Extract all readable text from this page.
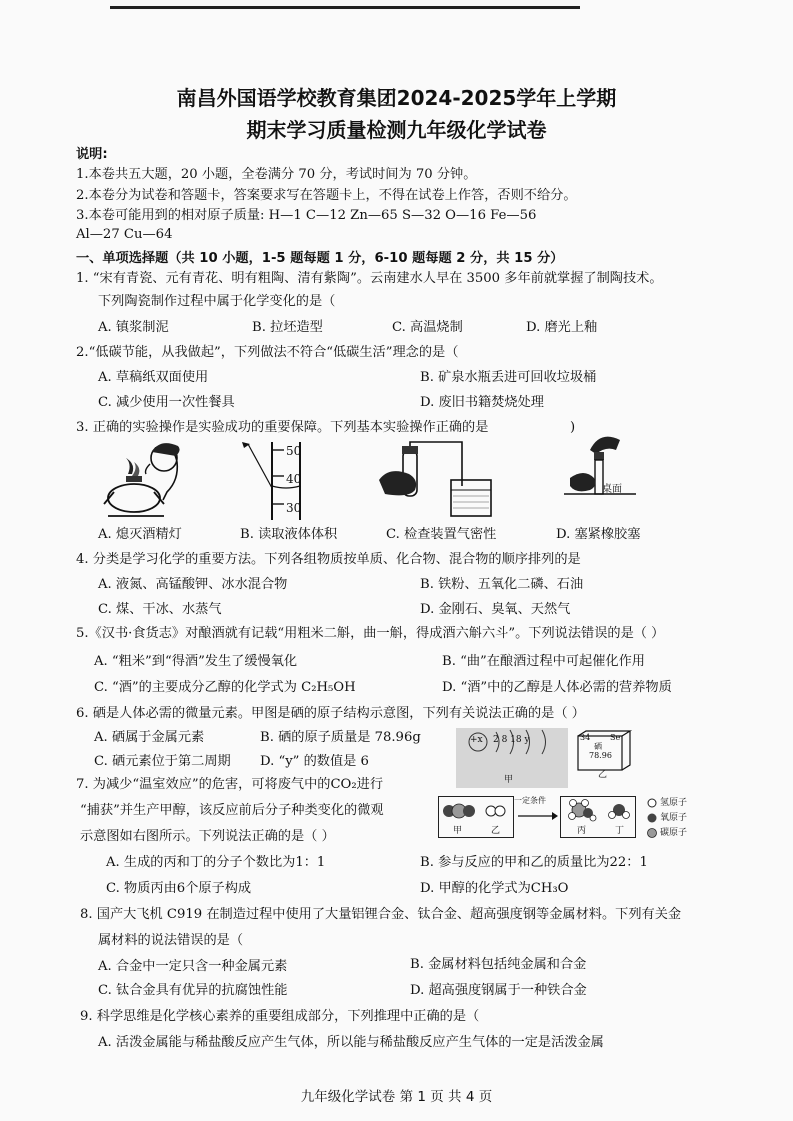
南昌外国语学校教育集团2024-2025学年上学期
期末学习质量检测九年级化学试卷
说明:
1.本卷共五大题，20 小题，全卷满分 70 分，考试时间为 70 分钟。
2.本卷分为试卷和答题卡，答案要求写在答题卡上，不得在试卷上作答，否则不给分。
3.本卷可能用到的相对原子质量: H—1 C—12 Zn—65 S—32 O—16 Fe—56
Al—27 Cu—64
一、单项选择题（共 10 小题，1-5 题每题 1 分，6-10 题每题 2 分，共 15 分）
1. “宋有青瓷、元有青花、明有粗陶、清有紫陶”。云南建水人早在 3500 多年前就掌握了制陶技术。
下列陶瓷制作过程中属于化学变化的是（
A. 镇浆制泥	B. 拉坯造型	C. 高温烧制	D. 磨光上釉
2.“低碳节能，从我做起”，下列做法不符合“低碳生活”理念的是（
A. 草稿纸双面使用	B. 矿泉水瓶丢进可回收垃圾桶
C. 减少使用一次性餐具	D. 废旧书籍焚烧处理
3. 正确的实验操作是实验成功的重要保障。下列基本实验操作正确的是	)
50
40
30
桌面
A. 熄灭酒精灯	B. 读取液体体积	C. 检查装置气密性	D. 塞紧橡胶塞
4. 分类是学习化学的重要方法。下列各组物质按单质、化合物、混合物的顺序排列的是
A. 液氮、高锰酸钾、冰水混合物	B. 铁粉、五氧化二磷、石油
C. 煤、干冰、水蒸气	D. 金刚石、臭氧、天然气
5.《汉书·食货志》对酿酒就有记载“用粗米二斛，曲一斛，得成酒六斛六斗”。下列说法错误的是（ ）
A. “粗米”到“得酒”发生了缓慢氧化	B. “曲”在酿酒过程中可起催化作用
C. “酒”的主要成分乙醇的化学式为 C₂H₅OH	D. “酒”中的乙醇是人体必需的营养物质
6. 硒是人体必需的微量元素。甲图是硒的原子结构示意图，下列有关说法正确的是（ ）
A. 硒属于金属元素	B. 硒的原子质量是 78.96g
C. 硒元素位于第二周期 D. “y” 的数值是 6
+x 2 8 18 y
甲
34 Se
硒
78.96
乙
7. 为减少“温室效应”的危害，可将废气中的CO₂进行
“捕获”并生产甲醇，该反应前后分子种类变化的微观
示意图如右图所示。下列说法正确的是（ ）	甲	乙
一定条件
丙	丁
氢原子
氧原子
碳原子
A. 生成的丙和丁的分子个数比为1：1	B. 参与反应的甲和乙的质量比为22：1
C. 物质丙由6个原子构成	D. 甲醇的化学式为CH₃O
8. 国产大飞机 C919 在制造过程中使用了大量铝锂合金、钛合金、超高强度钢等金属材料。下列有关金
属材料的说法错误的是（
A. 合金中一定只含一种金属元素	B. 金属材料包括纯金属和合金
C. 钛合金具有优异的抗腐蚀性能	D. 超高强度钢属于一种铁合金
9. 科学思维是化学核心素养的重要组成部分，下列推理中正确的是（
A. 活泼金属能与稀盐酸反应产生气体，所以能与稀盐酸反应产生气体的一定是活泼金属
九年级化学试卷 第 1 页 共 4 页
